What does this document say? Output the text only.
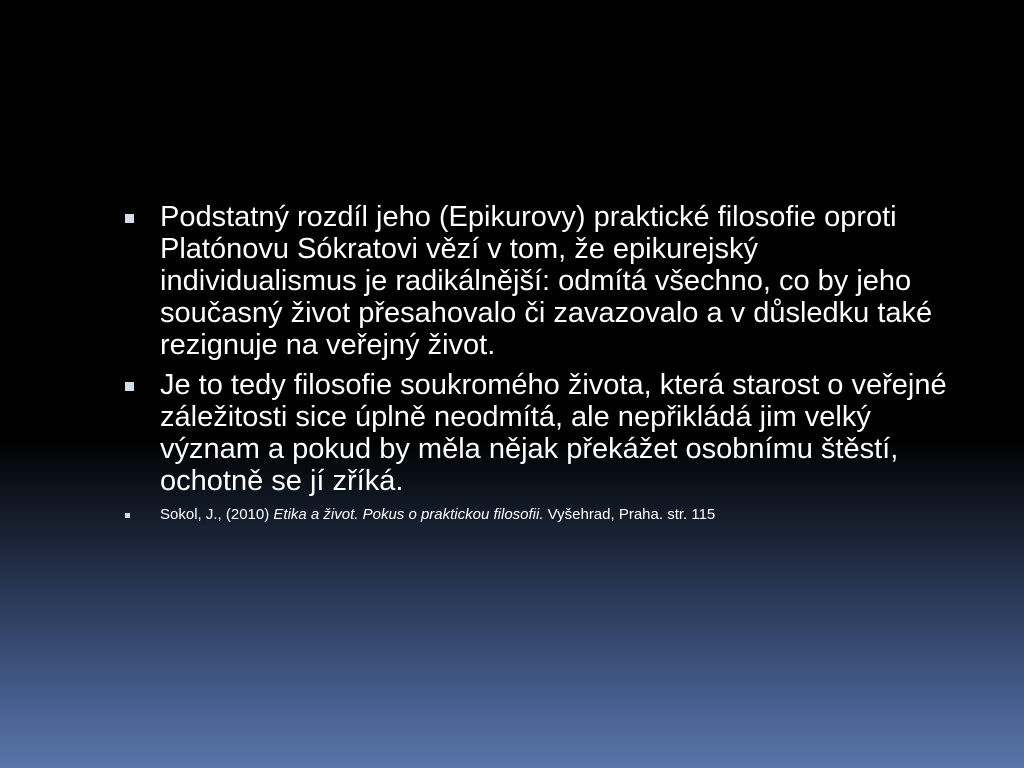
Podstatný rozdíl jeho (Epikurovy) praktické filosofie oproti Platónovu Sókratovi vězí v tom, že epikurejský individualismus je radikálnější: odmítá všechno, co by jeho současný život přesahovalo či zavazovalo a v důsledku také rezignuje na veřejný život.
Je to tedy filosofie soukromého života, která starost o veřejné záležitosti sice úplně neodmítá, ale nepřikládá jim velký význam a pokud by měla nějak překážet osobnímu štěstí, ochotně se jí zříká.
Sokol, J., (2010) Etika a život. Pokus o praktickou filosofii. Vyšehrad, Praha. str. 115
